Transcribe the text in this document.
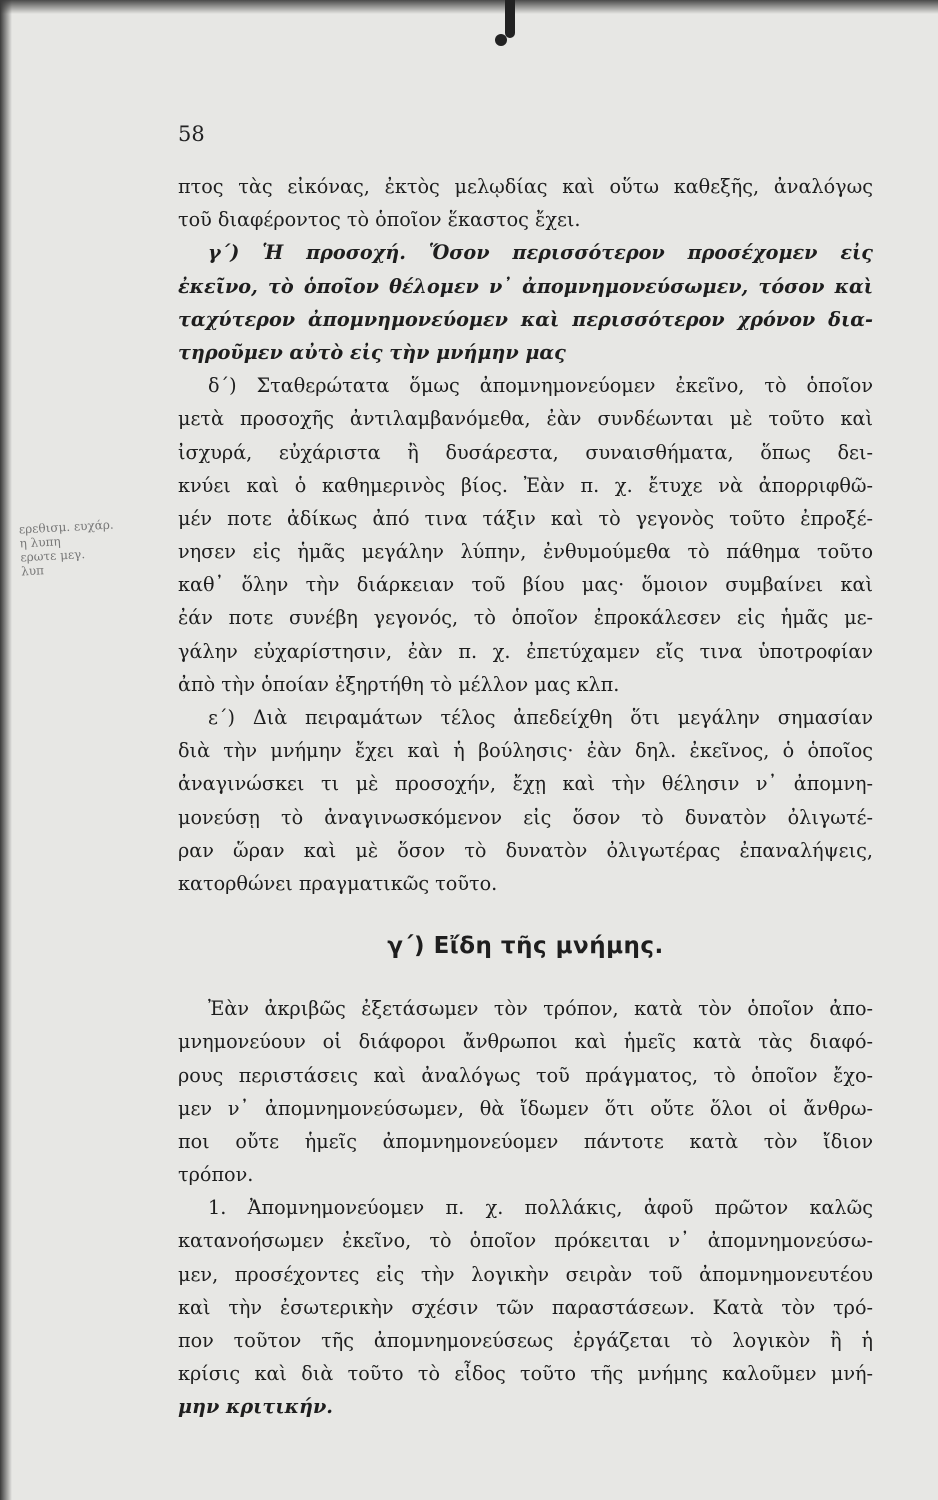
ερεθισμ. ευχάρ.
η λυπη
ερωτε μεγ.
λυπ
58
πτος τὰς εἰκόνας, ἐκτὸς μελῳδίας καὶ οὕτω καθεξῆς, ἀναλόγως
τοῦ διαφέροντος τὸ ὁποῖον ἕκαστος ἔχει.
γ΄) Ἡ προσοχή. Ὅσον περισσότερον προσέχομεν εἰς
ἐκεῖνο, τὸ ὁποῖον θέλομεν ν᾽ ἀπομνημονεύσωμεν, τόσον καὶ
ταχύτερον ἀπομνημονεύομεν καὶ περισσότερον χρόνον δια-
τηροῦμεν αὐτὸ εἰς τὴν μνήμην μας
δ΄) Σταθερώτατα ὅμως ἀπομνημονεύομεν ἐκεῖνο, τὸ ὁποῖον
μετὰ προσοχῆς ἀντιλαμβανόμεθα, ἐὰν συνδέωνται μὲ τοῦτο καὶ
ἰσχυρά, εὐχάριστα ἢ δυσάρεστα, συναισθήματα, ὅπως δει-
κνύει καὶ ὁ καθημερινὸς βίος. Ἐὰν π. χ. ἔτυχε νὰ ἀπορριφθῶ-
μέν ποτε ἀδίκως ἀπό τινα τάξιν καὶ τὸ γεγονὸς τοῦτο ἐπροξέ-
νησεν εἰς ἡμᾶς μεγάλην λύπην, ἐνθυμούμεθα τὸ πάθημα τοῦτο
καθ᾽ ὅλην τὴν διάρκειαν τοῦ βίου μας· ὅμοιον συμβαίνει καὶ
ἐάν ποτε συνέβη γεγονός, τὸ ὁποῖον ἐπροκάλεσεν εἰς ἡμᾶς με-
γάλην εὐχαρίστησιν, ἐὰν π. χ. ἐπετύχαμεν εἴς τινα ὑποτροφίαν
ἀπὸ τὴν ὁποίαν ἐξηρτήθη τὸ μέλλον μας κλπ.
ε΄) Διὰ πειραμάτων τέλος ἀπεδείχθη ὅτι μεγάλην σημασίαν
διὰ τὴν μνήμην ἔχει καὶ ἡ βούλησις· ἐὰν δηλ. ἐκεῖνος, ὁ ὁποῖος
ἀναγινώσκει τι μὲ προσοχήν, ἔχῃ καὶ τὴν θέλησιν ν᾽ ἀπομνη-
μονεύσῃ τὸ ἀναγινωσκόμενον εἰς ὅσον τὸ δυνατὸν ὀλιγωτέ-
ραν ὥραν καὶ μὲ ὅσον τὸ δυνατὸν ὀλιγωτέρας ἐπαναλήψεις,
κατορθώνει πραγματικῶς τοῦτο.
γ΄) Εἴδη τῆς μνήμης.
Ἐὰν ἀκριβῶς ἐξετάσωμεν τὸν τρόπον, κατὰ τὸν ὁποῖον ἀπο-
μνημονεύουν οἱ διάφοροι ἄνθρωποι καὶ ἡμεῖς κατὰ τὰς διαφό-
ρους περιστάσεις καὶ ἀναλόγως τοῦ πράγματος, τὸ ὁποῖον ἔχο-
μεν ν᾽ ἀπομνημονεύσωμεν, θὰ ἴδωμεν ὅτι οὔτε ὅλοι οἱ ἄνθρω-
ποι οὔτε ἡμεῖς ἀπομνημονεύομεν πάντοτε κατὰ τὸν ἴδιον
τρόπον.
1. Ἀπομνημονεύομεν π. χ. πολλάκις, ἀφοῦ πρῶτον καλῶς
κατανοήσωμεν ἐκεῖνο, τὸ ὁποῖον πρόκειται ν᾽ ἀπομνημονεύσω-
μεν, προσέχοντες εἰς τὴν λογικὴν σειρὰν τοῦ ἀπομνημονευτέου
καὶ τὴν ἐσωτερικὴν σχέσιν τῶν παραστάσεων. Κατὰ τὸν τρό-
πον τοῦτον τῆς ἀπομνημονεύσεως ἐργάζεται τὸ λογικὸν ἢ ἡ
κρίσις καὶ διὰ τοῦτο τὸ εἶδος τοῦτο τῆς μνήμης καλοῦμεν μνή-
μην κριτικήν.
